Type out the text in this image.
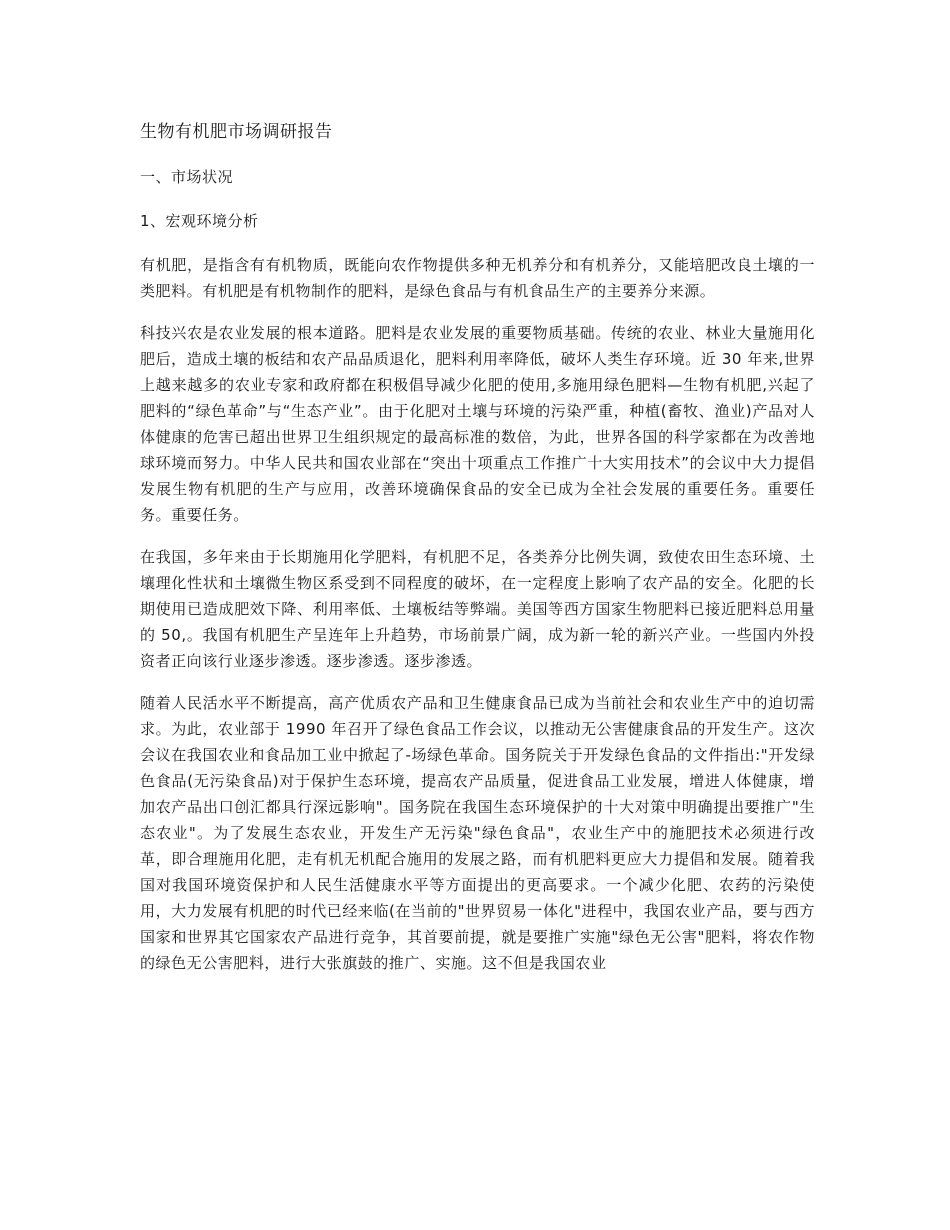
生物有机肥市场调研报告
一、市场状况
1、宏观环境分析

有机肥，是指含有有机物质，既能向农作物提供多种无机养分和有机养分，又能培肥改良土壤的一类肥料。有机肥是有机物制作的肥料，是绿色食品与有机食品生产的主要养分来源。

科技兴农是农业发展的根本道路。肥料是农业发展的重要物质基础。传统的农业、林业大量施用化肥后，造成土壤的板结和农产品品质退化，肥料利用率降低，破坏人类生存环境。近 30 年来,世界上越来越多的农业专家和政府都在积极倡导减少化肥的使用,多施用绿色肥料—生物有机肥,兴起了肥料的“绿色革命”与“生态产业”。由于化肥对土壤与环境的污染严重，种植(畜牧、渔业)产品对人体健康的危害已超出世界卫生组织规定的最高标准的数倍，为此，世界各国的科学家都在为改善地球环境而努力。中华人民共和国农业部在“突出十项重点工作推广十大实用技术”的会议中大力提倡发展生物有机肥的生产与应用，改善环境确保食品的安全已成为全社会发展的重要任务。重要任务。重要任务。

在我国，多年来由于长期施用化学肥料，有机肥不足，各类养分比例失调，致使农田生态环境、土壤理化性状和土壤微生物区系受到不同程度的破坏，在一定程度上影响了农产品的安全。化肥的长期使用已造成肥效下降、利用率低、土壤板结等弊端。美国等西方国家生物肥料已接近肥料总用量的 50,。我国有机肥生产呈连年上升趋势，市场前景广阔，成为新一轮的新兴产业。一些国内外投资者正向该行业逐步渗透。逐步渗透。逐步渗透。

随着人民活水平不断提高，高产优质农产品和卫生健康食品已成为当前社会和农业生产中的迫切需求。为此，农业部于 1990 年召开了绿色食品工作会议，以推动无公害健康食品的开发生产。这次会议在我国农业和食品加工业中掀起了-场绿色革命。国务院关于开发绿色食品的文件指出:"开发绿色食品(无污染食品)对于保护生态环境，提高农产品质量，促进食品工业发展，增进人体健康，增加农产品出口创汇都具行深远影响"。国务院在我国生态环境保护的十大对策中明确提出要推广"生态农业"。为了发展生态农业，开发生产无污染"绿色食品"，农业生产中的施肥技术必须进行改革，即合理施用化肥，走有机无机配合施用的发展之路，而有机肥料更应大力提倡和发展。随着我国对我国环境资保护和人民生活健康水平等方面提出的更高要求。一个减少化肥、农药的污染使用，大力发展有机肥的时代已经来临(在当前的"世界贸易一体化"进程中，我国农业产品，要与西方国家和世界其它国家农产品进行竞争，其首要前提，就是要推广实施"绿色无公害"肥料，将农作物的绿色无公害肥料，进行大张旗鼓的推广、实施。这不但是我国农业
